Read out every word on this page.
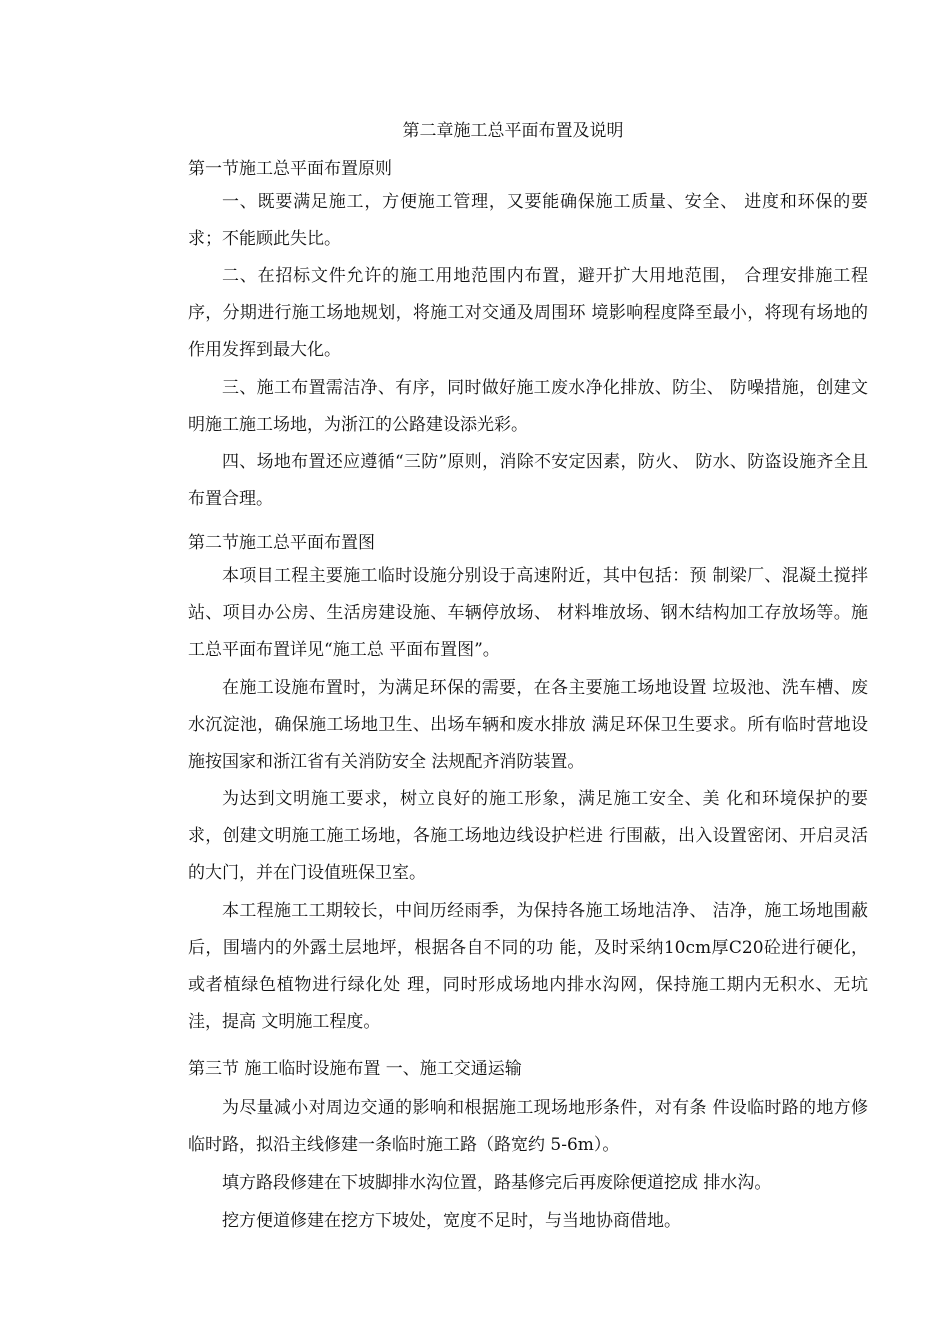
第二章施工总平面布置及说明
第一节施工总平面布置原则

一、既要满足施工，方便施工管理，又要能确保施工质量、安全、 进度和环保的要求；不能顾此失比。

二、在招标文件允许的施工用地范围内布置，避开扩大用地范围， 合理安排施工程序，分期进行施工场地规划，将施工对交通及周围环 境影响程度降至最小，将现有场地的作用发挥到最大化。

三、施工布置需洁净、有序，同时做好施工废水净化排放、防尘、 防噪措施，创建文明施工施工场地，为浙江的公路建设添光彩。

四、场地布置还应遵循“三防”原则，消除不安定因素，防火、 防水、防盗设施齐全且布置合理。

第二节施工总平面布置图

本项目工程主要施工临时设施分别设于高速附近，其中包括：预 制梁厂、混凝土搅拌站、项目办公房、生活房建设施、车辆停放场、 材料堆放场、钢木结构加工存放场等。施工总平面布置详见“施工总 平面布置图”。

在施工设施布置时，为满足环保的需要，在各主要施工场地设置 垃圾池、洗车槽、废水沉淀池，确保施工场地卫生、出场车辆和废水排放 满足环保卫生要求。所有临时营地设施按国家和浙江省有关消防安全 法规配齐消防装置。

为达到文明施工要求，树立良好的施工形象，满足施工安全、美 化和环境保护的要求，创建文明施工施工场地，各施工场地边线设护栏进 行围蔽，出入设置密闭、开启灵活的大门，并在门设值班保卫室。

本工程施工工期较长，中间历经雨季，为保持各施工场地洁净、 洁净，施工场地围蔽后，围墙内的外露土层地坪，根据各自不同的功 能，及时采纳10cm厚C20砼进行硬化，或者植绿色植物进行绿化处 理，同时形成场地内排水沟网，保持施工期内无积水、无坑洼，提高 文明施工程度。

第三节 施工临时设施布置 一、施工交通运输

为尽量减小对周边交通的影响和根据施工现场地形条件，对有条 件设临时路的地方修临时路，拟沿主线修建一条临时施工路（路宽约 5-6m）。

填方路段修建在下坡脚排水沟位置，路基修完后再废除便道挖成 排水沟。

挖方便道修建在挖方下坡处，宽度不足时，与当地协商借地。
